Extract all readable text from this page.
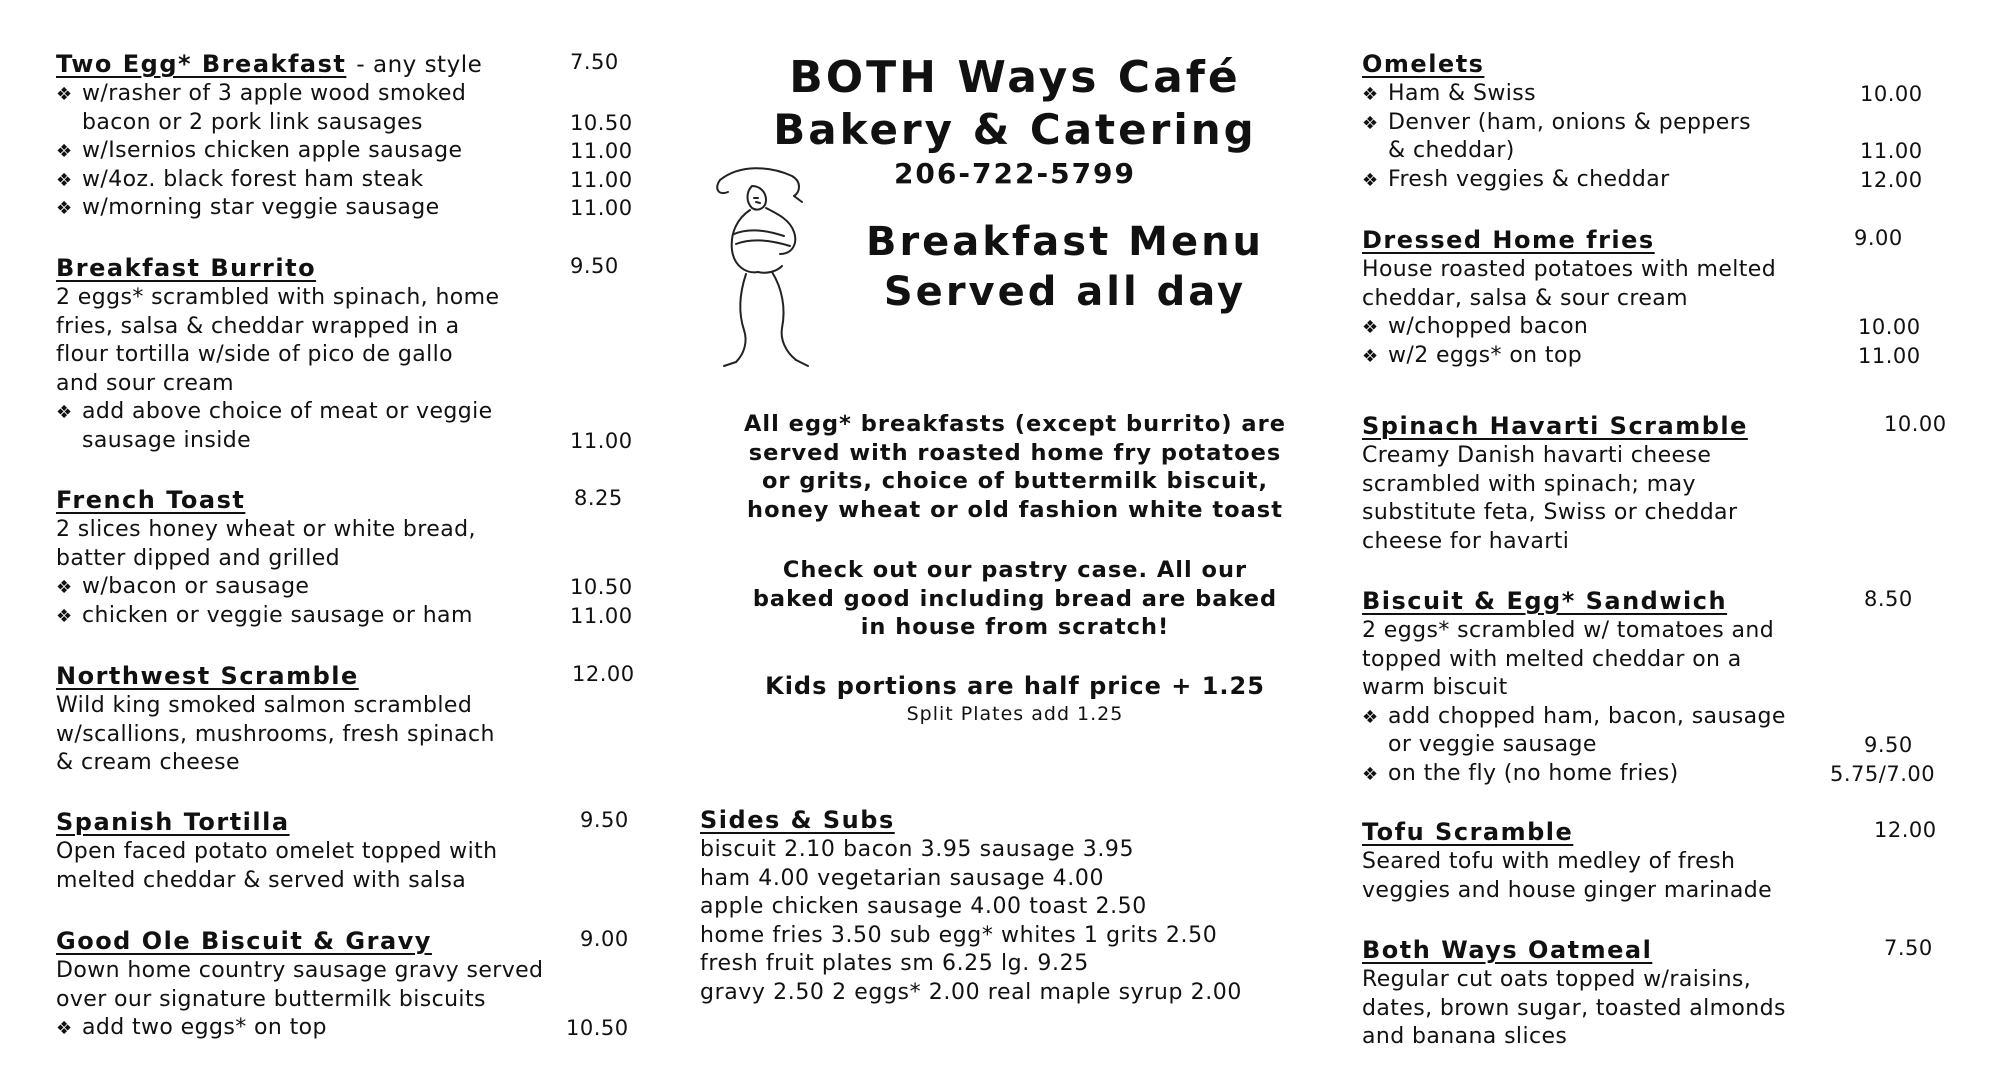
Two Egg* Breakfast - any style	7.50
❖ w/rasher of 3 apple wood smoked
bacon or 2 pork link sausages	10.50
❖ w/Isernios chicken apple sausage	11.00
❖ w/4oz. black forest ham steak	11.00
❖ w/morning star veggie sausage	11.00
Breakfast Burrito	9.50
2 eggs* scrambled with spinach, home
fries, salsa & cheddar wrapped in a
flour tortilla w/side of pico de gallo
and sour cream
❖ add above choice of meat or veggie
sausage inside	11.00
French Toast	8.25
2 slices honey wheat or white bread,
batter dipped and grilled
❖ w/bacon or sausage	10.50
❖ chicken or veggie sausage or ham	11.00
Northwest Scramble	12.00
Wild king smoked salmon scrambled
w/scallions, mushrooms, fresh spinach
& cream cheese
Spanish Tortilla	9.50
Open faced potato omelet topped with
melted cheddar & served with salsa
Good Ole Biscuit & Gravy	9.00
Down home country sausage gravy served
over our signature buttermilk biscuits
❖ add two eggs* on top	10.50
BOTH Ways Café
Bakery & Catering
206-722-5799
Breakfast Menu
Served all day
All egg* breakfasts (except burrito) are
served with roasted home fry potatoes
or grits, choice of buttermilk biscuit,
honey wheat or old fashion white toast
Check out our pastry case. All our
baked good including bread are baked
in house from scratch!
Kids portions are half price + 1.25
Split Plates add 1.25
Sides & Subs
biscuit 2.10 bacon 3.95 sausage 3.95
ham 4.00 vegetarian sausage 4.00
apple chicken sausage 4.00 toast 2.50
home fries 3.50 sub egg* whites 1 grits 2.50
fresh fruit plates sm 6.25 lg. 9.25
gravy 2.50 2 eggs* 2.00 real maple syrup 2.00
Omelets
❖ Ham & Swiss	10.00
❖ Denver (ham, onions & peppers
& cheddar)	11.00
❖ Fresh veggies & cheddar	12.00
Dressed Home fries	9.00
House roasted potatoes with melted
cheddar, salsa & sour cream
❖ w/chopped bacon	10.00
❖ w/2 eggs* on top	11.00
Spinach Havarti Scramble	10.00
Creamy Danish havarti cheese
scrambled with spinach; may
substitute feta, Swiss or cheddar
cheese for havarti
Biscuit & Egg* Sandwich	8.50
2 eggs* scrambled w/ tomatoes and
topped with melted cheddar on a
warm biscuit
❖ add chopped ham, bacon, sausage
or veggie sausage	9.50
❖ on the fly (no home fries)	5.75/7.00
Tofu Scramble	12.00
Seared tofu with medley of fresh
veggies and house ginger marinade
Both Ways Oatmeal	7.50
Regular cut oats topped w/raisins,
dates, brown sugar, toasted almonds
and banana slices
